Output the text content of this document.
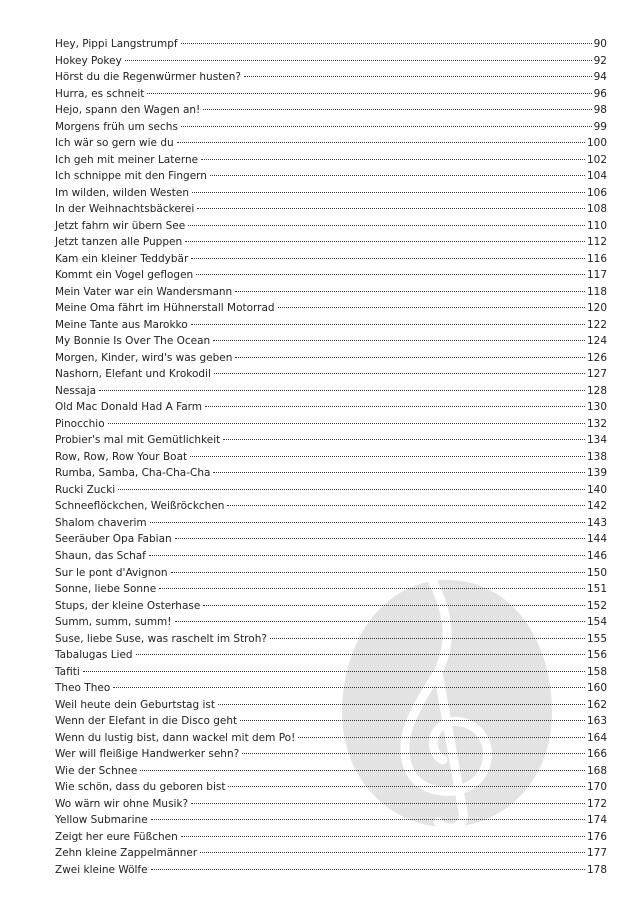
Hey, Pippi Langstrumpf	90
Hokey Pokey	92
Hörst du die Regenwürmer husten?	94
Hurra, es schneit	96
Hejo, spann den Wagen an!	98
Morgens früh um sechs	99
Ich wär so gern wie du	100
Ich geh mit meiner Laterne	102
Ich schnippe mit den Fingern	104
Im wilden, wilden Westen	106
In der Weihnachtsbäckerei	108
Jetzt fahrn wir übern See	110
Jetzt tanzen alle Puppen	112
Kam ein kleiner Teddybär	116
Kommt ein Vogel geflogen	117
Mein Vater war ein Wandersmann	118
Meine Oma fährt im Hühnerstall Motorrad	120
Meine Tante aus Marokko	122
My Bonnie Is Over The Ocean	124
Morgen, Kinder, wird's was geben	126
Nashorn, Elefant und Krokodil	127
Nessaja	128
Old Mac Donald Had A Farm	130
Pinocchio	132
Probier's mal mit Gemütlichkeit	134
Row, Row, Row Your Boat	138
Rumba, Samba, Cha-Cha-Cha	139
Rucki Zucki	140
Schneeflöckchen, Weißröckchen	142
Shalom chaverim	143
Seeräuber Opa Fabian	144
Shaun, das Schaf	146
Sur le pont d'Avignon	150
Sonne, liebe Sonne	151
Stups, der kleine Osterhase	152
Summ, summ, summ!	154
Suse, liebe Suse, was raschelt im Stroh?	155
Tabalugas Lied	156
Tafiti	158
Theo Theo	160
Weil heute dein Geburtstag ist	162
Wenn der Elefant in die Disco geht	163
Wenn du lustig bist, dann wackel mit dem Po!	164
Wer will fleißige Handwerker sehn?	166
Wie der Schnee	168
Wie schön, dass du geboren bist	170
Wo wärn wir ohne Musik?	172
Yellow Submarine	174
Zeigt her eure Füßchen	176
Zehn kleine Zappelmänner	177
Zwei kleine Wölfe	178
